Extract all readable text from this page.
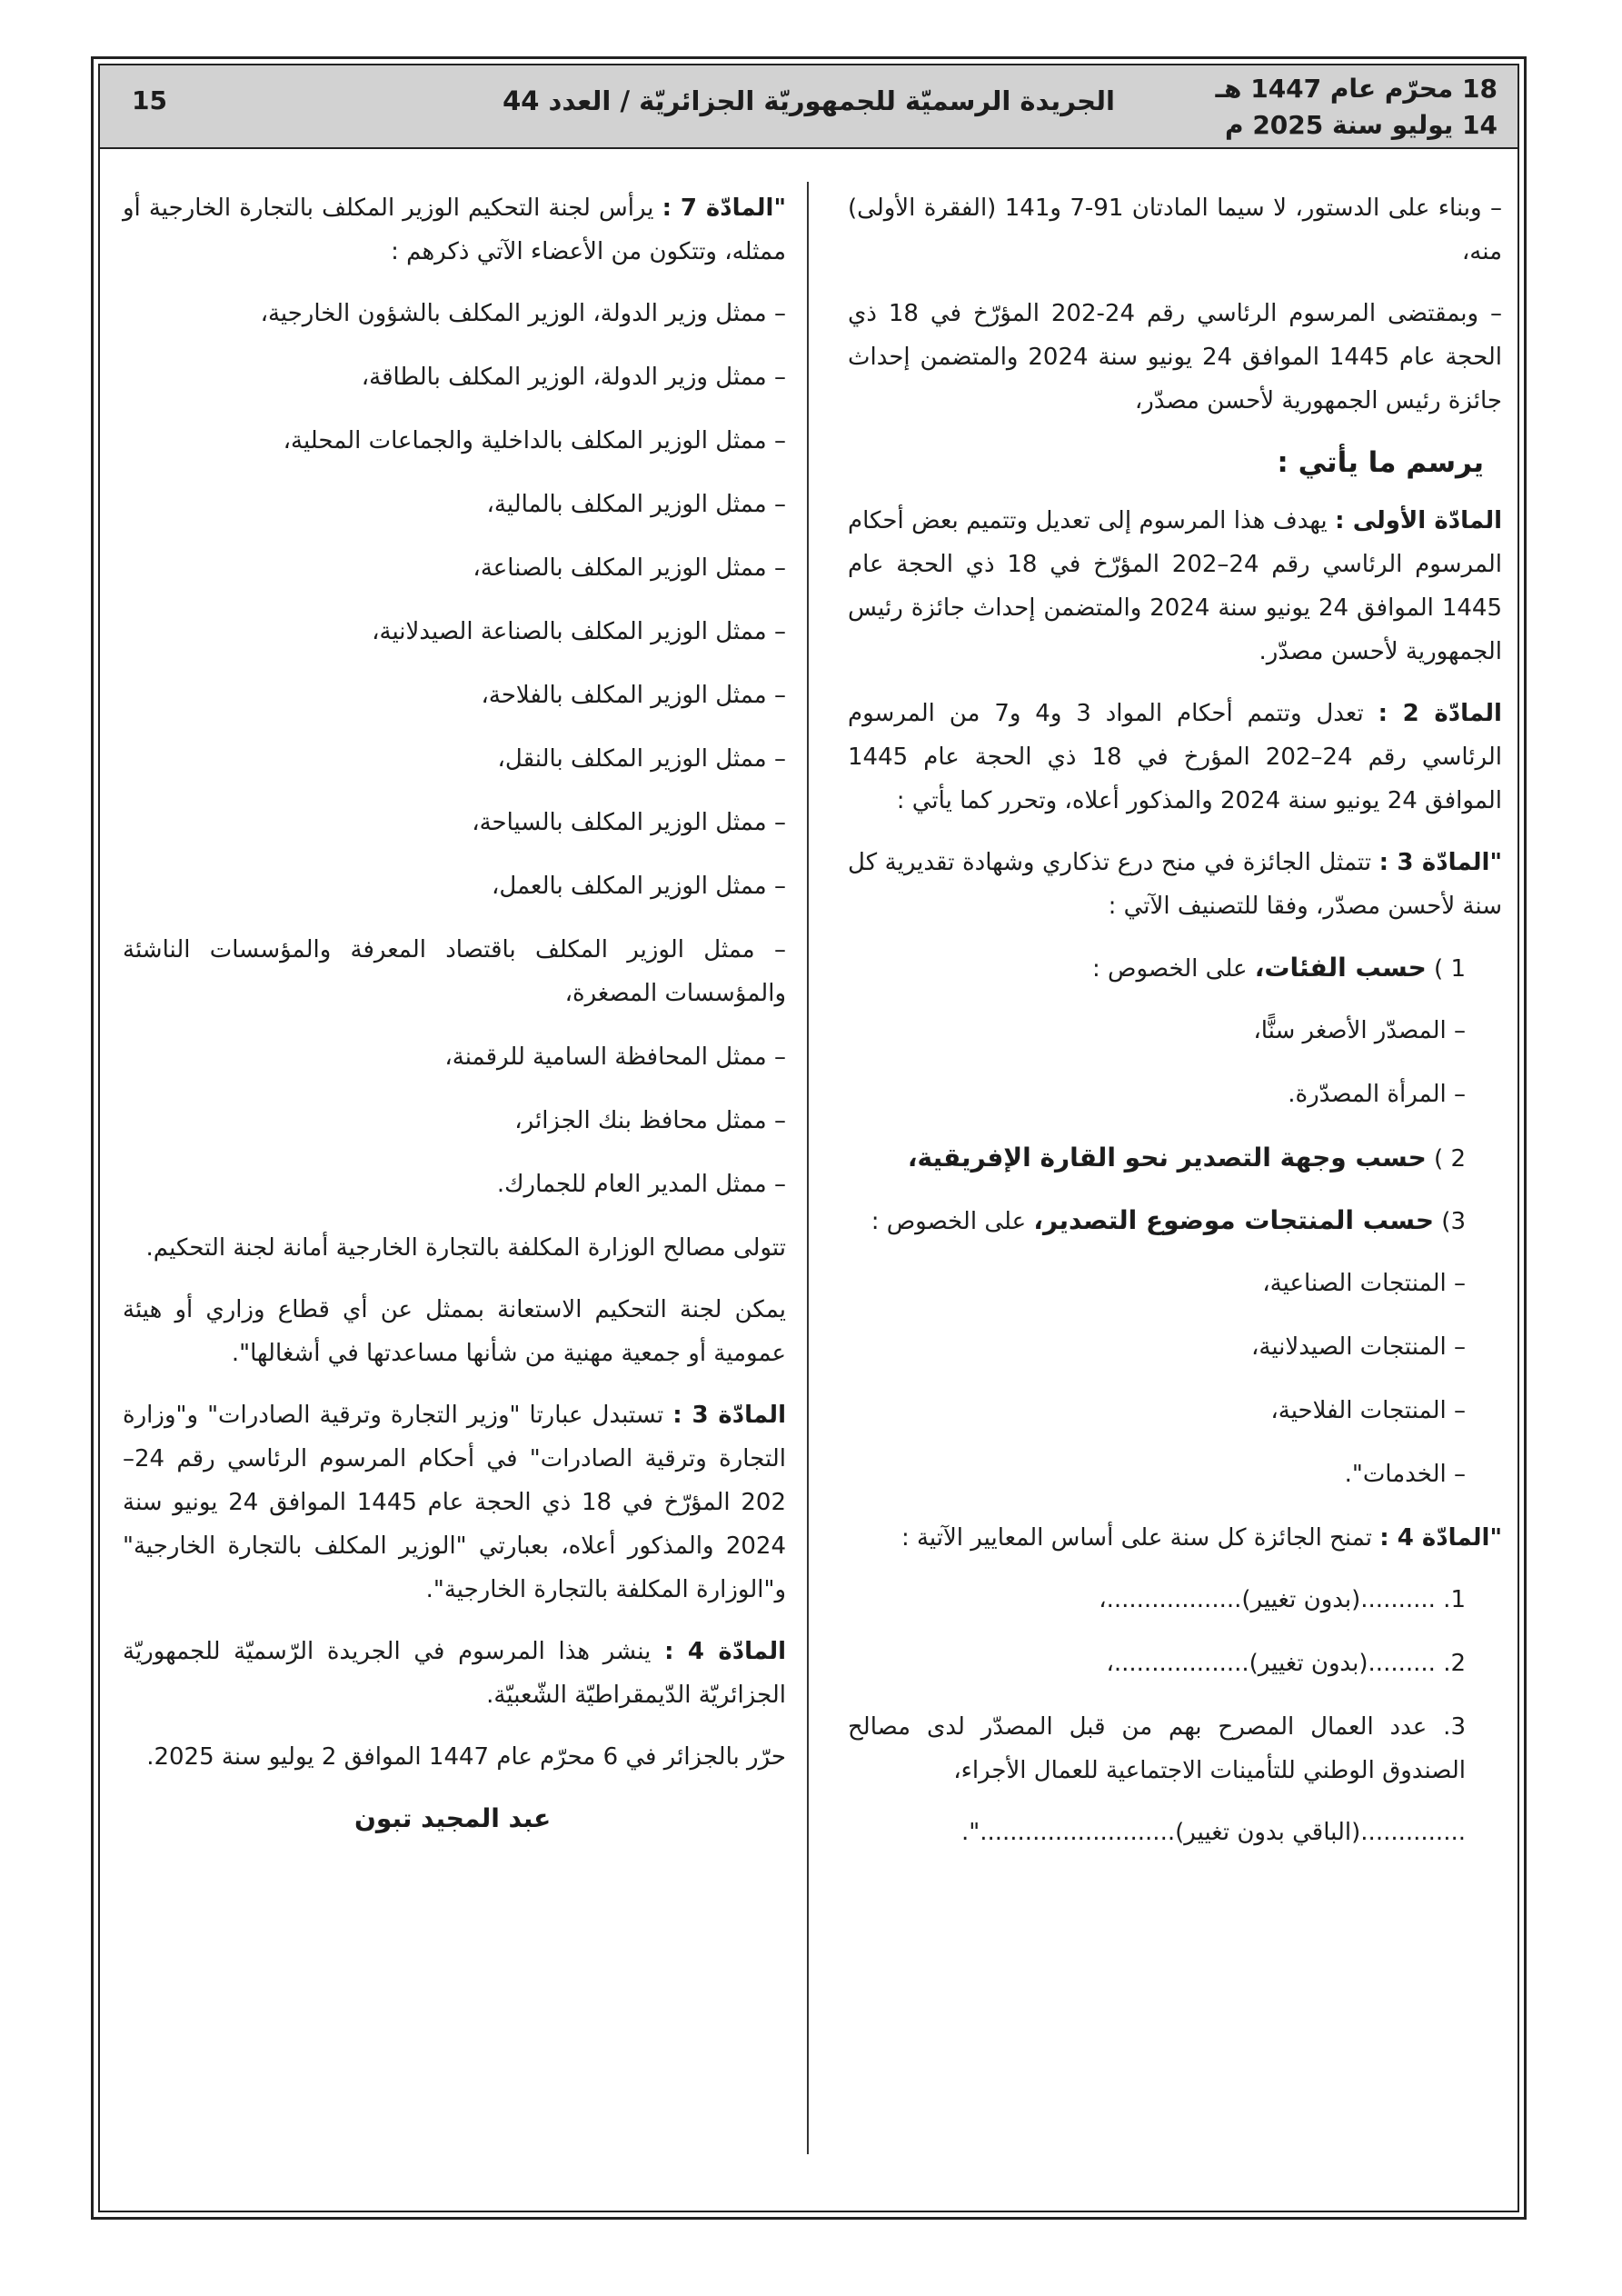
18 محرّم عام 1447 هـ
14 يوليو سنة 2025 م
الجريدة الرسميّة للجمهوريّة الجزائريّة / العدد 44
15

– وبناء على الدستور، لا سيما المادتان 91-7 و141 (الفقرة الأولى) منه،

– وبمقتضى المرسوم الرئاسي رقم 24-202 المؤرّخ في 18 ذي الحجة عام 1445 الموافق 24 يونيو سنة 2024 والمتضمن إحداث جائزة رئيس الجمهورية لأحسن مصدّر،

يرسم ما يأتي :

المادّة الأولى : يهدف هذا المرسوم إلى تعديل وتتميم بعض أحكام المرسوم الرئاسي رقم 24–202 المؤرّخ في 18 ذي الحجة عام 1445 الموافق 24 يونيو سنة 2024 والمتضمن إحداث جائزة رئيس الجمهورية لأحسن مصدّر.

المادّة 2 : تعدل وتتمم أحكام المواد 3 و4 و7 من المرسوم الرئاسي رقم 24–202 المؤرخ في 18 ذي الحجة عام 1445 الموافق 24 يونيو سنة 2024 والمذكور أعلاه، وتحرر كما يأتي :

"المادّة 3 : تتمثل الجائزة في منح درع تذكاري وشهادة تقديرية كل سنة لأحسن مصدّر، وفقا للتصنيف الآتي :

1 ) حسب الفئات، على الخصوص :

– المصدّر الأصغر سنًّا،

– المرأة المصدّرة.

2 ) حسب وجهة التصدير نحو القارة الإفريقية،

3) حسب المنتجات موضوع التصدير، على الخصوص :

– المنتجات الصناعية،

– المنتجات الصيدلانية،

– المنتجات الفلاحية،

– الخدمات".

"المادّة 4 : تمنح الجائزة كل سنة على أساس المعايير الآتية :

1. ..........(بدون تغيير)..................،

2. .........(بدون تغيير)..................،

3. عدد العمال المصرح بهم من قبل المصدّر لدى مصالح الصندوق الوطني للتأمينات الاجتماعية للعمال الأجراء،

..............(الباقي بدون تغيير)..........................".

"المادّة 7 : يرأس لجنة التحكيم الوزير المكلف بالتجارة الخارجية أو ممثله، وتتكون من الأعضاء الآتي ذكرهم :

– ممثل وزير الدولة، الوزير المكلف بالشؤون الخارجية،

– ممثل وزير الدولة، الوزير المكلف بالطاقة،

– ممثل الوزير المكلف بالداخلية والجماعات المحلية،

– ممثل الوزير المكلف بالمالية،

– ممثل الوزير المكلف بالصناعة،

– ممثل الوزير المكلف بالصناعة الصيدلانية،

– ممثل الوزير المكلف بالفلاحة،

– ممثل الوزير المكلف بالنقل،

– ممثل الوزير المكلف بالسياحة،

– ممثل الوزير المكلف بالعمل،

– ممثل الوزير المكلف باقتصاد المعرفة والمؤسسات الناشئة والمؤسسات المصغرة،

– ممثل المحافظة السامية للرقمنة،

– ممثل محافظ بنك الجزائر،

– ممثل المدير العام للجمارك.

تتولى مصالح الوزارة المكلفة بالتجارة الخارجية أمانة لجنة التحكيم.

يمكن لجنة التحكيم الاستعانة بممثل عن أي قطاع وزاري أو هيئة عمومية أو جمعية مهنية من شأنها مساعدتها في أشغالها".

المادّة 3 : تستبدل عبارتا "وزير التجارة وترقية الصادرات" و"وزارة التجارة وترقية الصادرات" في أحكام المرسوم الرئاسي رقم 24–202 المؤرّخ في 18 ذي الحجة عام 1445 الموافق 24 يونيو سنة 2024 والمذكور أعلاه، بعبارتي "الوزير المكلف بالتجارة الخارجية" و"الوزارة المكلفة بالتجارة الخارجية".

المادّة 4 : ينشر هذا المرسوم في الجريدة الرّسميّة للجمهوريّة الجزائريّة الدّيمقراطيّة الشّعبيّة.

حرّر بالجزائر في 6 محرّم عام 1447 الموافق 2 يوليو سنة 2025.

عبد المجيد تبون
